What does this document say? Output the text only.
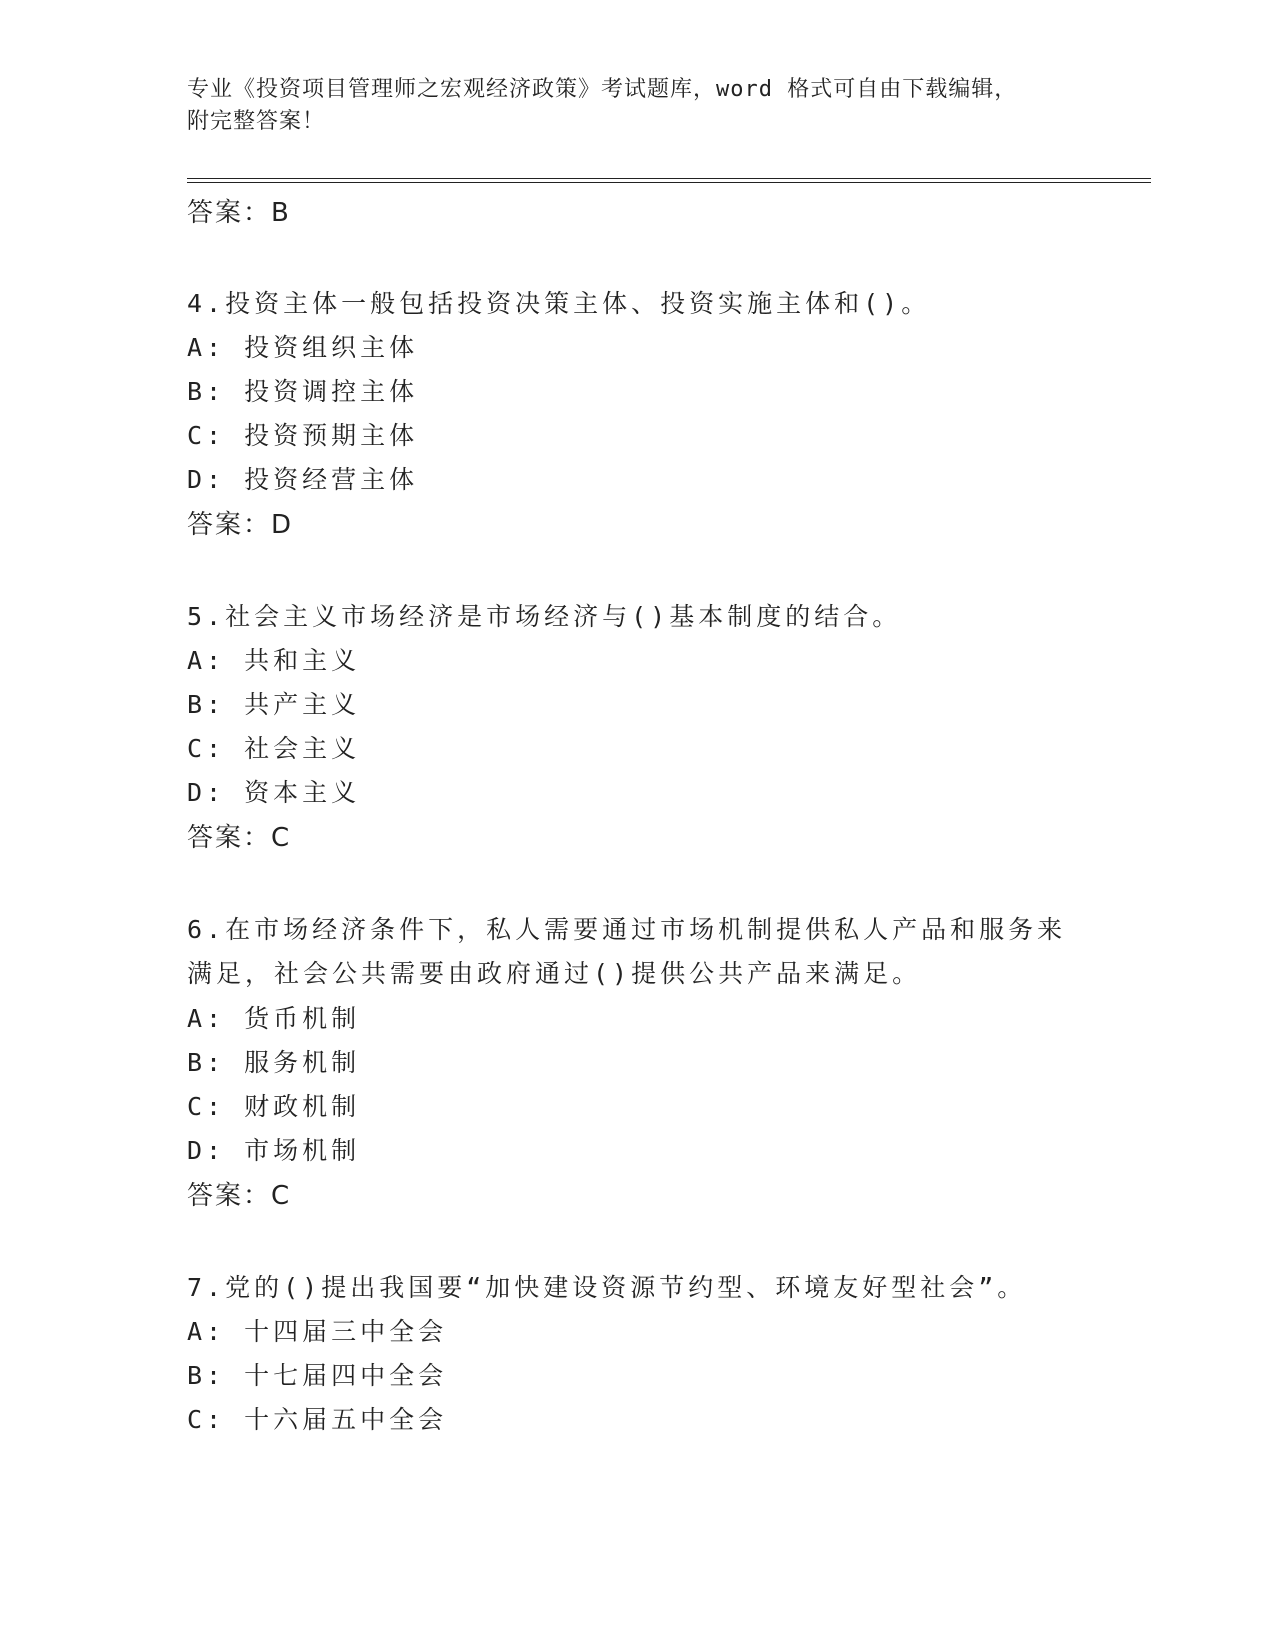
专业《投资项目管理师之宏观经济政策》考试题库，word 格式可自由下载编辑，
附完整答案！
答案：B
4.投资主体一般包括投资决策主体、投资实施主体和()。
A: 投资组织主体
B: 投资调控主体
C: 投资预期主体
D: 投资经营主体
答案：D
5.社会主义市场经济是市场经济与()基本制度的结合。
A: 共和主义
B: 共产主义
C: 社会主义
D: 资本主义
答案：C
6.在市场经济条件下，私人需要通过市场机制提供私人产品和服务来
满足，社会公共需要由政府通过()提供公共产品来满足。
A: 货币机制
B: 服务机制
C: 财政机制
D: 市场机制
答案：C
7.党的()提出我国要“加快建设资源节约型、环境友好型社会”。
A: 十四届三中全会
B: 十七届四中全会
C: 十六届五中全会
